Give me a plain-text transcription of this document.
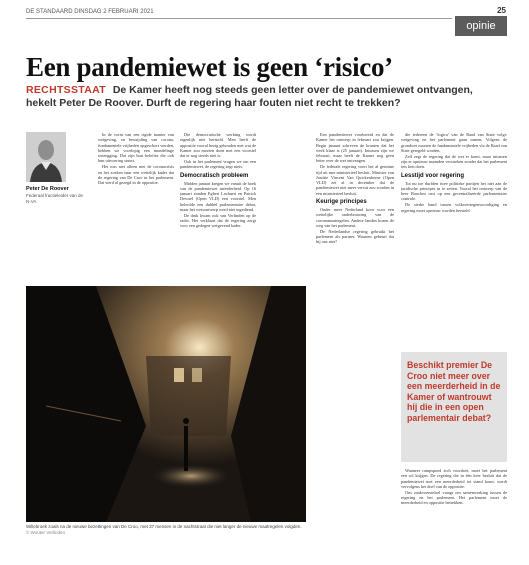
DE STANDAARD DINSDAG 2 FEBRUARI 2021	25
opinie
Een pandemiewet is geen ‘risico’
RECHTSSTAAT De Kamer heeft nog steeds geen letter over de pandemiewet ontvangen, hekelt Peter De Roover. Durft de regering haar fouten niet recht te trekken?
Peter De Roover
Federaal fractieleider van de N-VA

In de vorm van een rigide manier van wetgeving, en bestrijding van corona, fundamentele vrijheden opgeschort werden, hebben we voorlopig een mondelinge toezegging. Dat zijn hun beloftes die ook hun uitvoering stuurt.

Het was niet alleen met de coronacrisis en het zoeken naar een wettelijk kader dat de regering van De Croo in het parlement. Dat werd al gezegd in de oppositie.

Die democratische werking wordt eigenlijk niet hersteld. Men heeft de oppositie vooral bezig gehouden met wat de Kamer zou moeten doen met een voorstel dat er nog steeds niet is.

Ook in het parlement vragen we om een pandemiewet, de regering zegt niets.

Democratisch probleem

Midden januari kregen we vanuit de hoek van de pandemiewet meerderheid. Op 16 januari zonden Egbert Lachaert en Patrick Dewael (Open VLD) een voorstel. Men beloofde een dubbel parlementaire debat, maar het wetsontwerp werd niet ingediend.

De druk kwam ook van Verlinden op de radio. Het verklaart dat de regering zorgt voor een gedegen wetgevend kader.

Een pandemiewet voorbereid en dat de Kamer het ontwerp in februari zou krijgen. Begin januari schreven de kranten dat het werk klaar is (25 januari). Intussen zijn we februari, maar heeft de Kamer nog geen letter over de wet ontvangen.

De federale regering voert het al geruime tijd uit met ministerieel besluit. Minister van Justitie Vincent Van Quickenborne (Open VLD) zei al in december dat de pandemiewet niet meer vervat zou worden in een ministerieel besluit.

Keurige principes

Onder meer Nederland koos voor een wettelijke onderbouwing van de coronamaatregelen. Andere landen kozen de weg van het parlement.

De Nederlandse regering gebruikt het parlement als partner. Waarom gebeurt dat bij ons niet?

die iedereen de ‘logica’ van de Raad van State volgt: wetgeving en het parlement gaan samen. Volgens de grondwet moeten de fundamentele vrijheden via de Raad van State geregeld worden.

Zelf zegt de regering dat de wet er komt, maar intussen zijn er opnieuw maanden verstreken zonder dat het parlement iets kon doen.

Lesstijd voor regering

Tot nu toe durfden twee politieke partijen het niet aan de juridische principes in te zetten. Vooral het ontwerp van de heer Bouchez rust op een gecentraliseerde parlementaire controle.

De sterke band tussen volksvertegenwoordiging en regering moet opnieuw worden hersteld.

Beschikt premier De Croo niet meer over een meerderheid in de Kamer of wantrouwt hij die in een open parlementair debat?

Wanneer rampspoed zich voordoet, moet het parlement een rol krijgen. De regering die in één keer besluit dat de pandemiewet met een meerderheid tot stand komt, wordt vervolgens het doel van de oppositie.

Ons zaakvoerstelsel vraagt om samenwerking tussen de regering en het parlement. Het parlement moet de meerderheid en oppositie betrekken.

Willebroek zoals na de nieuwe bezettingen van De Croo, met 37 mensen in de nachtstraat die niet langer de nieuwe maatregelen volgden. © Wouter Verlinden
